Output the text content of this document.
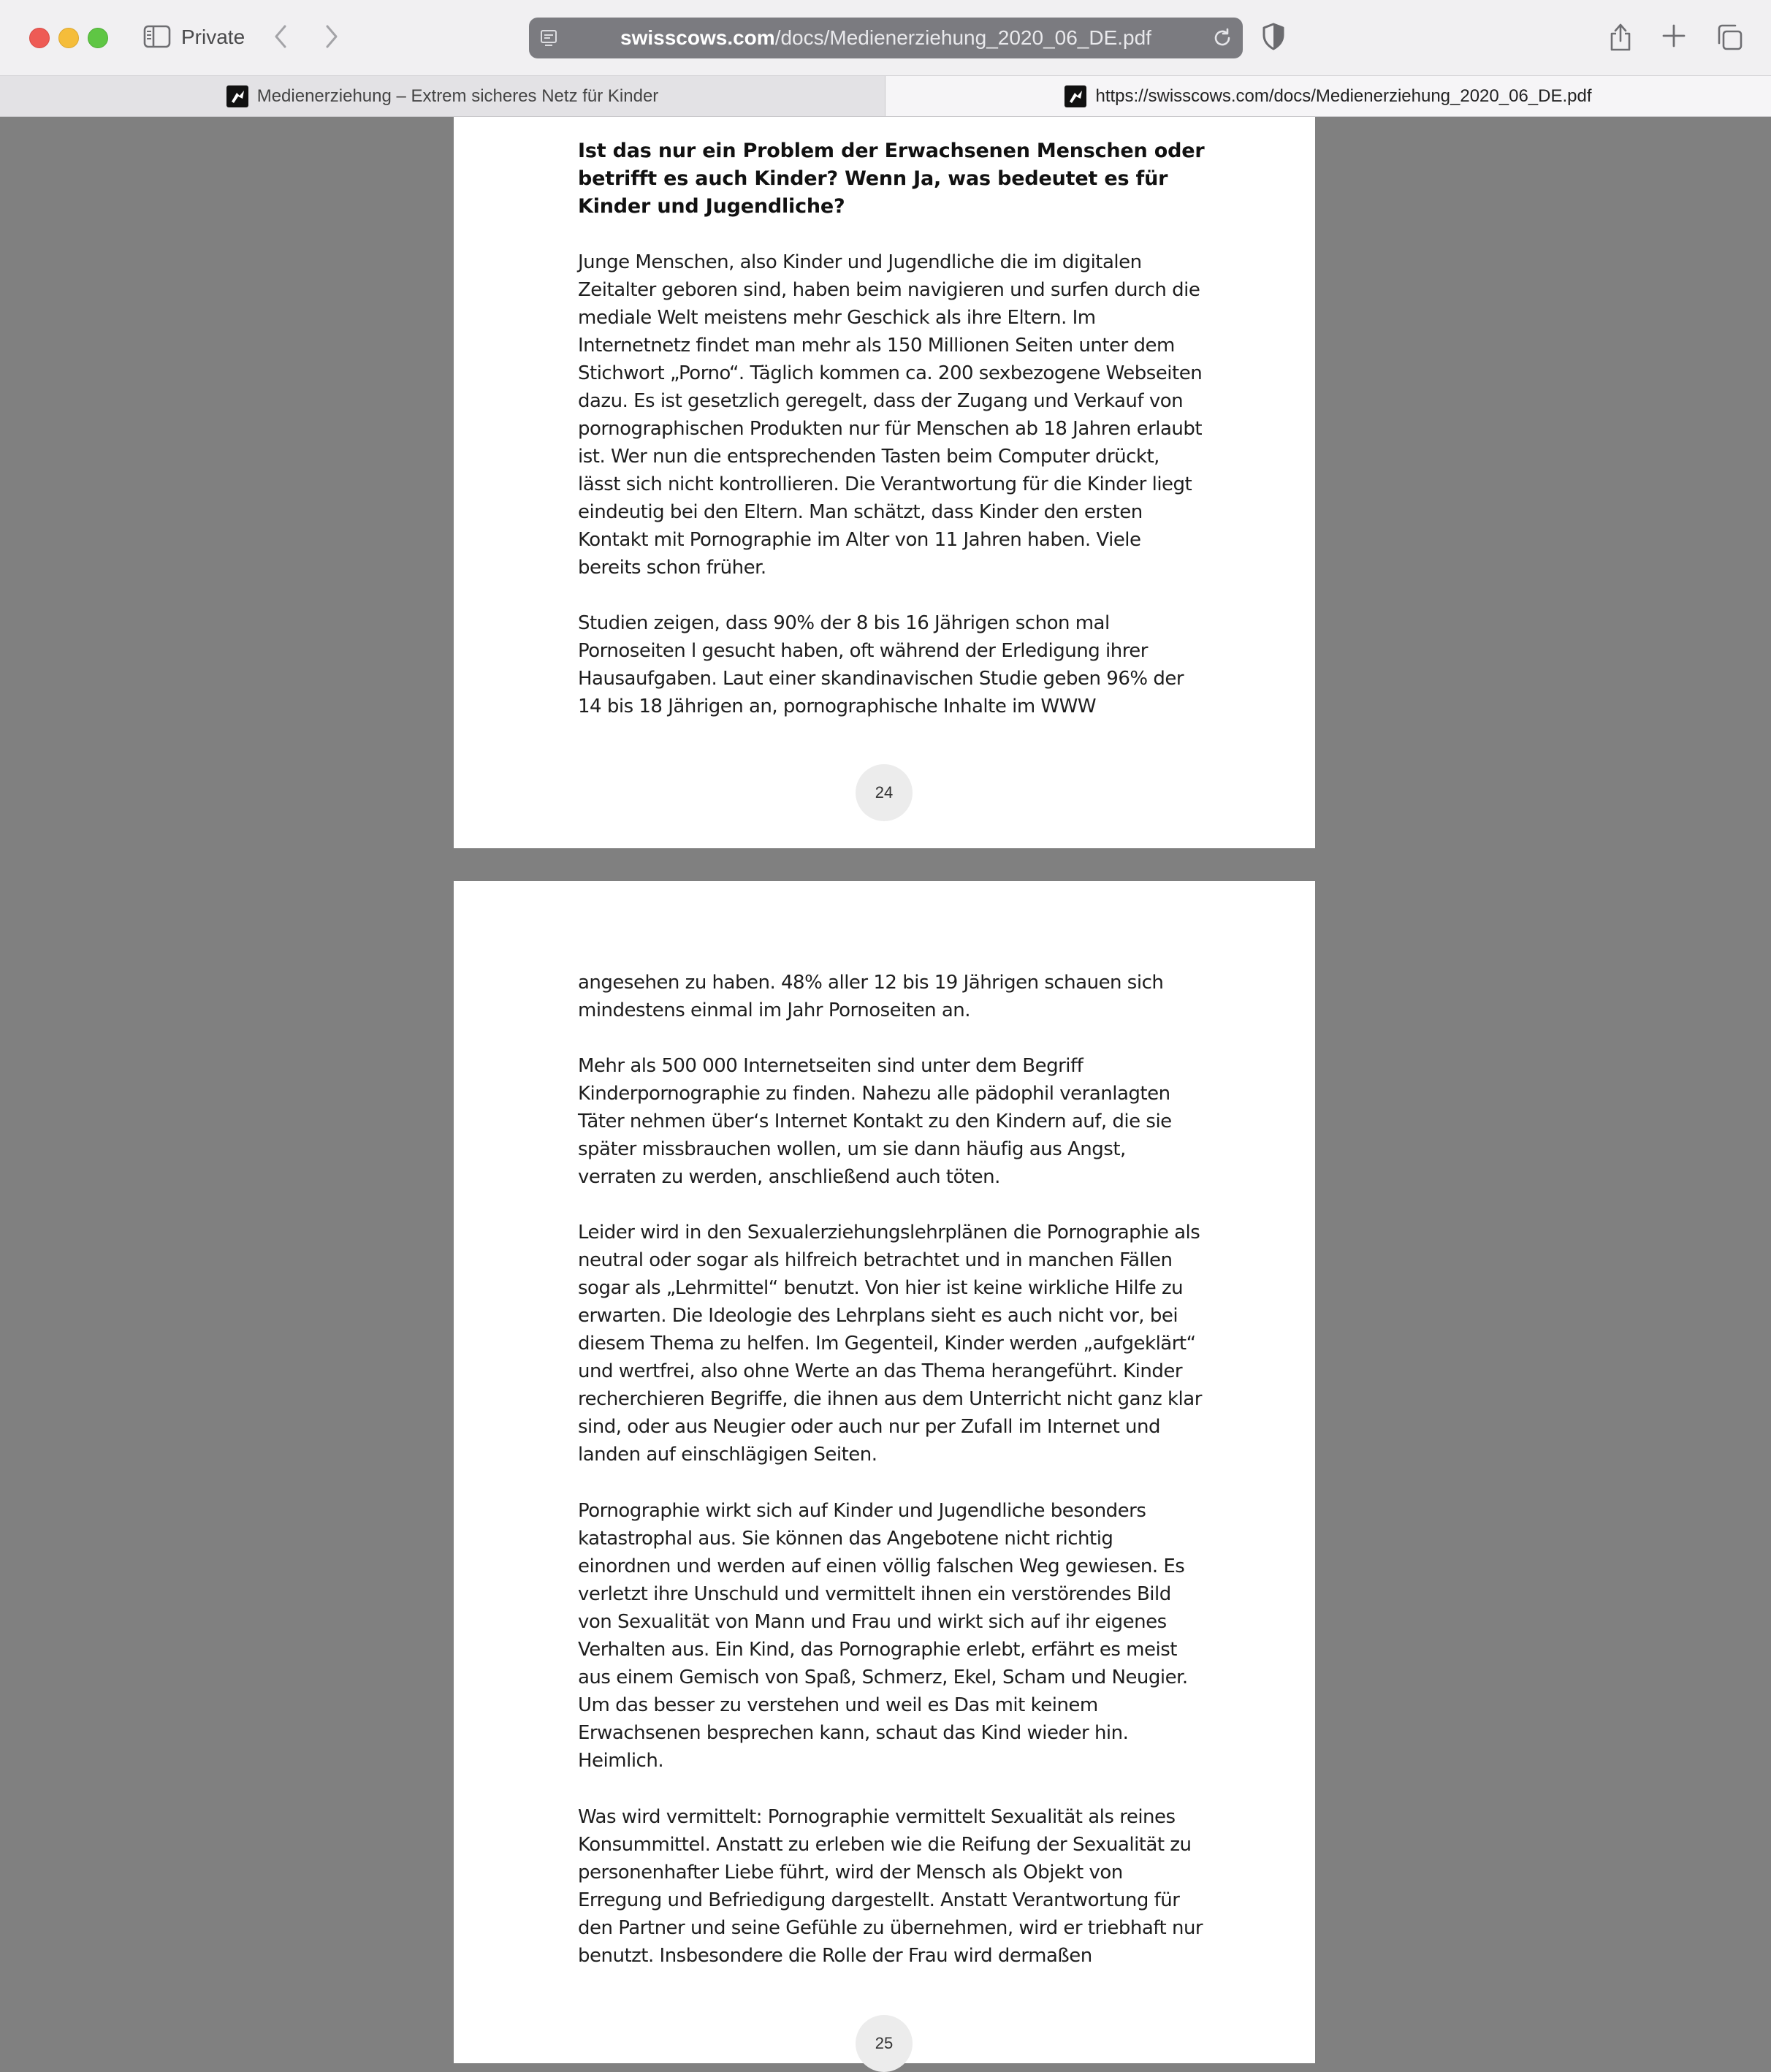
Private	swisscows.com/docs/Medienerziehung_2020_06_DE.pdf
Medienerziehung – Extrem sicheres Netz für Kinder	https://swisscows.com/docs/Medienerziehung_2020_06_DE.pdf

Ist das nur ein Problem der Erwachsenen Menschen oder betrifft es auch Kinder? Wenn Ja, was bedeutet es für Kinder und Jugendliche?

Junge Menschen, also Kinder und Jugendliche die im digitalen Zeitalter geboren sind, haben beim navigieren und surfen durch die mediale Welt meistens mehr Geschick als ihre Eltern. Im Internetnetz findet man mehr als 150 Millionen Seiten unter dem Stichwort „Porno“. Täglich kommen ca. 200 sexbezogene Webseiten dazu. Es ist gesetzlich geregelt, dass der Zugang und Verkauf von pornographischen Produkten nur für Menschen ab 18 Jahren erlaubt ist. Wer nun die entsprechenden Tasten beim Computer drückt, lässt sich nicht kontrollieren. Die Verantwortung für die Kinder liegt eindeutig bei den Eltern. Man schätzt, dass Kinder den ersten Kontakt mit Pornographie im Alter von 11 Jahren haben. Viele bereits schon früher.

Studien zeigen, dass 90% der 8 bis 16 Jährigen schon mal Pornoseiten l gesucht haben, oft während der Erledigung ihrer Hausaufgaben. Laut einer skandinavischen Studie geben 96% der 14 bis 18 Jährigen an, pornographische Inhalte im WWW

24

angesehen zu haben. 48% aller 12 bis 19 Jährigen schauen sich mindestens einmal im Jahr Pornoseiten an.

Mehr als 500 000 Internetseiten sind unter dem Begriff Kinderpornographie zu finden. Nahezu alle pädophil veranlagten Täter nehmen über‘s Internet Kontakt zu den Kindern auf, die sie später missbrauchen wollen, um sie dann häufig aus Angst, verraten zu werden, anschließend auch töten.

Leider wird in den Sexualerziehungslehrplänen die Pornographie als neutral oder sogar als hilfreich betrachtet und in manchen Fällen sogar als „Lehrmittel“ benutzt. Von hier ist keine wirkliche Hilfe zu erwarten. Die Ideologie des Lehrplans sieht es auch nicht vor, bei diesem Thema zu helfen. Im Gegenteil, Kinder werden „aufgeklärt“ und wertfrei, also ohne Werte an das Thema herangeführt. Kinder recherchieren Begriffe, die ihnen aus dem Unterricht nicht ganz klar sind, oder aus Neugier oder auch nur per Zufall im Internet und landen auf einschlägigen Seiten.

Pornographie wirkt sich auf Kinder und Jugendliche besonders katastrophal aus. Sie können das Angebotene nicht richtig einordnen und werden auf einen völlig falschen Weg gewiesen. Es verletzt ihre Unschuld und vermittelt ihnen ein verstörendes Bild von Sexualität von Mann und Frau und wirkt sich auf ihr eigenes Verhalten aus. Ein Kind, das Pornographie erlebt, erfährt es meist aus einem Gemisch von Spaß, Schmerz, Ekel, Scham und Neugier. Um das besser zu verstehen und weil es Das mit keinem Erwachsenen besprechen kann, schaut das Kind wieder hin. Heimlich.

Was wird vermittelt: Pornographie vermittelt Sexualität als reines Konsummittel. Anstatt zu erleben wie die Reifung der Sexualität zu personenhafter Liebe führt, wird der Mensch als Objekt von Erregung und Befriedigung dargestellt. Anstatt Verantwortung für den Partner und seine Gefühle zu übernehmen, wird er triebhaft nur benutzt. Insbesondere die Rolle der Frau wird dermaßen

25
